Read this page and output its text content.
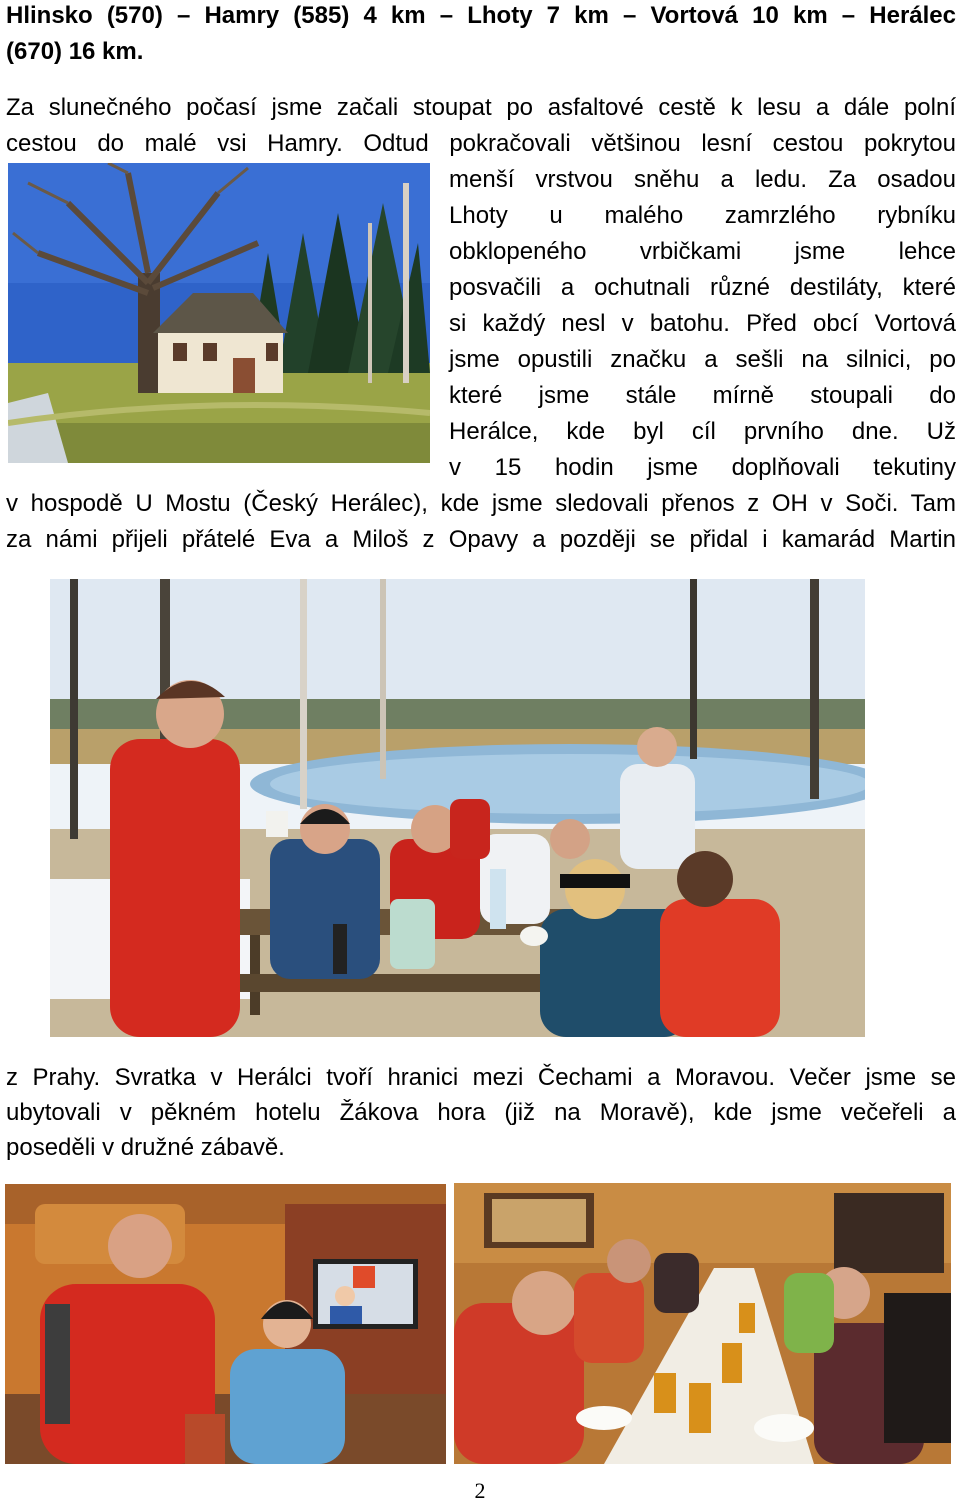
Hlinsko (570) – Hamry (585) 4 km – Lhoty 7 km – Vortová 10 km – Herálec
(670) 16 km.
Za slunečného počasí jsme začali stoupat po asfaltové cestě k lesu a dále polní
cestou do malé vsi Hamry. Odtud pokračovali většinou lesní cestou pokrytou
menší vrstvou sněhu a ledu. Za osadou
Lhoty u malého zamrzlého rybníku
obklopeného vrbičkami jsme lehce
posvačili a ochutnali různé destiláty, které
si každý nesl v batohu. Před obcí Vortová
jsme opustili značku a sešli na silnici, po
které jsme stále mírně stoupali do
Herálce, kde byl cíl prvního dne. Už
v 15 hodin jsme doplňovali tekutiny
v hospodě U Mostu (Český Herálec), kde jsme sledovali přenos z OH v Soči. Tam
za námi přijeli přátelé Eva a Miloš z Opavy a později se přidal i kamarád Martin
z Prahy. Svratka v Herálci tvoří hranici mezi Čechami a Moravou. Večer jsme se
ubytovali v pěkném hotelu Žákova hora (již na Moravě), kde jsme večeřeli a
poseděli v družné zábavě.
2
